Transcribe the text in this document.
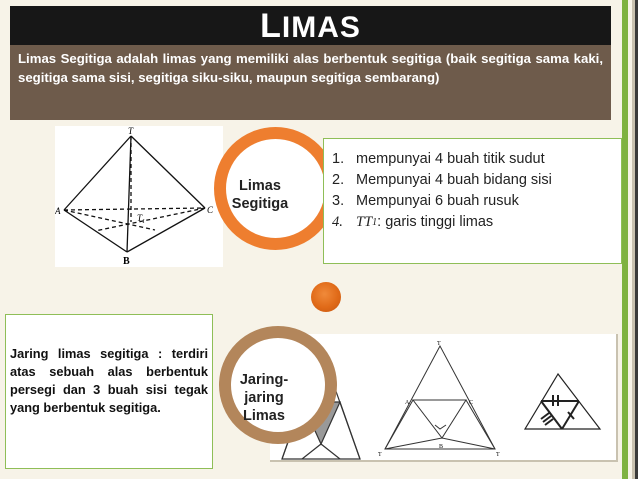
LIMAS
Limas Segitiga adalah limas yang memiliki alas berbentuk segitiga (baik segitiga sama kaki, segitiga sama sisi, segitiga siku-siku, maupun segitiga sembarang)
T
A	C
B
$T_1$
Limas
Segitiga
1. mempunyai 4 buah titik sudut
2. Mempunyai 4 buah bidang sisi
3. Mempunyai 6 buah rusuk
4. TT 1 : garis tinggi limas
Jaring limas segitiga : terdiri atas sebuah alas berbentuk persegi dan 3 buah sisi tegak yang berbentuk segitiga.
T
A	C
B
T	T
Jaring-
jaring
Limas
